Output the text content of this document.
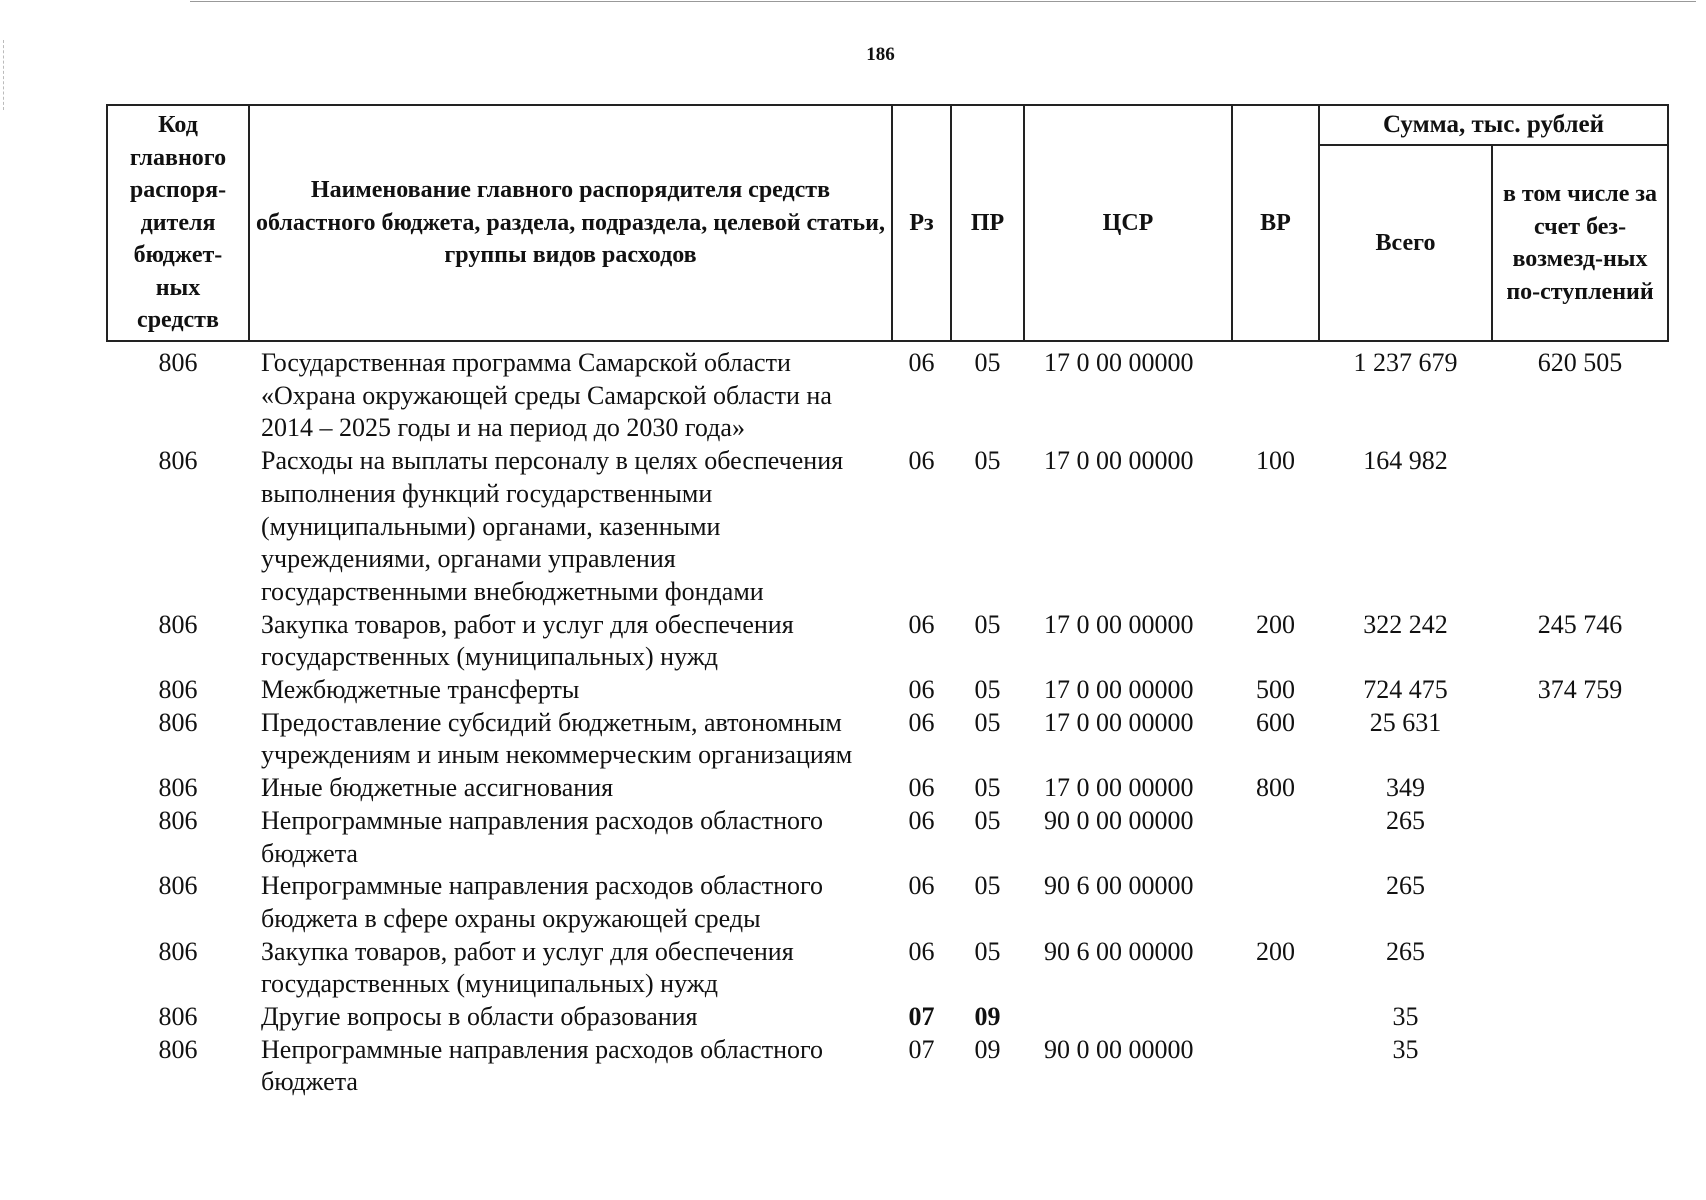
186
Код главного распоря-дителя бюджет-ных средств	Наименование главного распорядителя средств областного бюджета, раздела, подраздела, целевой статьи, группы видов расходов	Рз	ПР	ЦСР	ВР	Сумма, тыс. рублей	
						Всего	в том числе за счет без-возмезд-ных по-ступлений
806	Государственная программа Самарской области «Охрана окружающей среды Самарской области на 2014 – 2025 годы и на период до 2030 года»	06	05	17 0 00 00000		1 237 679	620 505
806	Расходы на выплаты персоналу в целях обеспечения выполнения функций государственными (муниципальными) органами, казенными учреждениями, органами управления государственными внебюджетными фондами	06	05	17 0 00 00000	100	164 982	
806	Закупка товаров, работ и услуг для обеспечения государственных (муниципальных) нужд	06	05	17 0 00 00000	200	322 242	245 746
806	Межбюджетные трансферты	06	05	17 0 00 00000	500	724 475	374 759
806	Предоставление субсидий бюджетным, автономным учреждениям и иным некоммерческим организациям	06	05	17 0 00 00000	600	25 631	
806	Иные бюджетные ассигнования	06	05	17 0 00 00000	800	349	
806	Непрограммные направления расходов областного бюджета	06	05	90 0 00 00000		265	
806	Непрограммные направления расходов областного бюджета в сфере охраны окружающей среды	06	05	90 6 00 00000		265	
806	Закупка товаров, работ и услуг для обеспечения государственных (муниципальных) нужд	06	05	90 6 00 00000	200	265	
806	Другие вопросы в области образования	07	09			35	
806	Непрограммные направления расходов областного бюджета	07	09	90 0 00 00000		35	
